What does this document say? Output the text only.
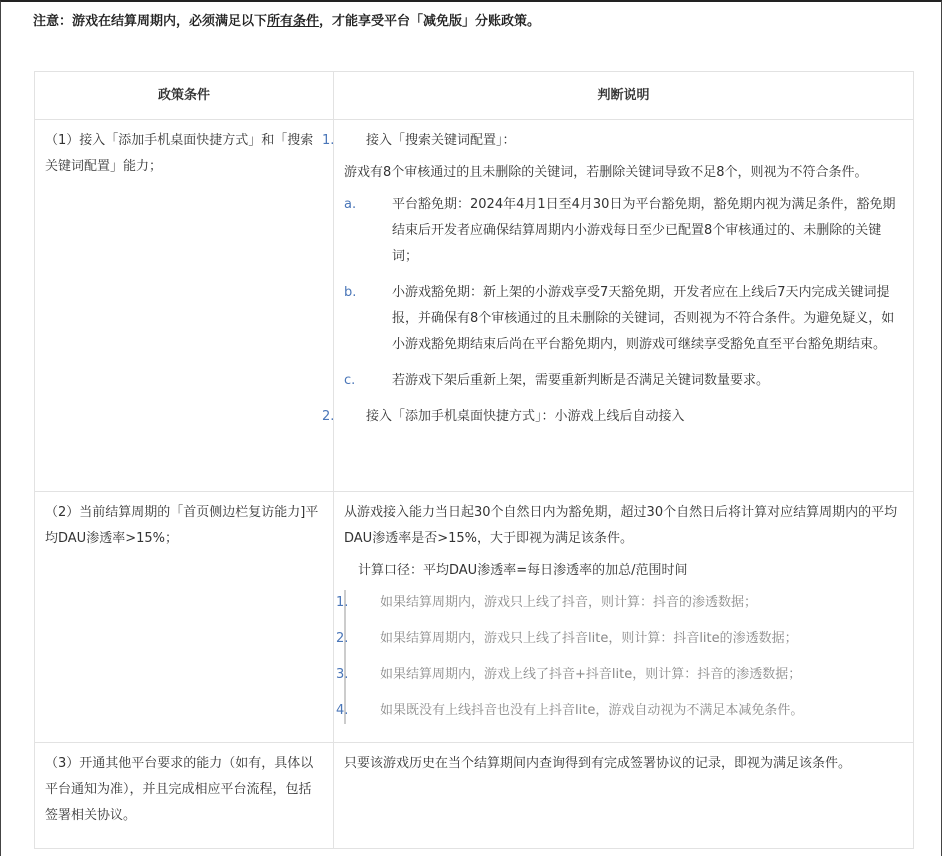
注意：游戏在结算周期内，必须满足以下所有条件，才能享受平台「减免版」分账政策。
政策条件	判断说明
（1）接入「添加手机桌面快捷方式」和「搜索关键词配置」能力；	
1. 接入「搜索关键词配置」：

游戏有8个审核通过的且未删除的关键词，若删除关键词导致不足8个，则视为不符合条件。

a.	平台豁免期：2024年4月1日至4月30日为平台豁免期，豁免期内视为满足条件，豁免期结束后开发者应确保结算周期内小游戏每日至少已配置8个审核通过的、未删除的关键词；
b.	小游戏豁免期：新上架的小游戏享受7天豁免期，开发者应在上线后7天内完成关键词提报，并确保有8个审核通过的且未删除的关键词，否则视为不符合条件。为避免疑义，如小游戏豁免期结束后尚在平台豁免期内，则游戏可继续享受豁免直至平台豁免期结束。
c.	若游戏下架后重新上架，需要重新判断是否满足关键词数量要求。
2. 接入「添加手机桌面快捷方式」：小游戏上线后自动接入

（2）当前结算周期的「首页侧边栏复访能力]平均DAU渗透率>15%；	

从游戏接入能力当日起30个自然日内为豁免期，超过30个自然日后将计算对应结算周期内的平均DAU渗透率是否>15%，大于即视为满足该条件。

计算口径：平均DAU渗透率=每日渗透率的加总/范围时间

1. 如果结算周期内，游戏只上线了抖音，则计算：抖音的渗透数据；
2. 如果结算周期内，游戏只上线了抖音lite，则计算：抖音lite的渗透数据；
3. 如果结算周期内，游戏上线了抖音+抖音lite，则计算：抖音的渗透数据；
4. 如果既没有上线抖音也没有上抖音lite，游戏自动视为不满足本减免条件。

（3）开通其他平台要求的能力（如有，具体以平台通知为准），并且完成相应平台流程，包括签署相关协议。	只要该游戏历史在当个结算期间内查询得到有完成签署协议的记录，即视为满足该条件。
